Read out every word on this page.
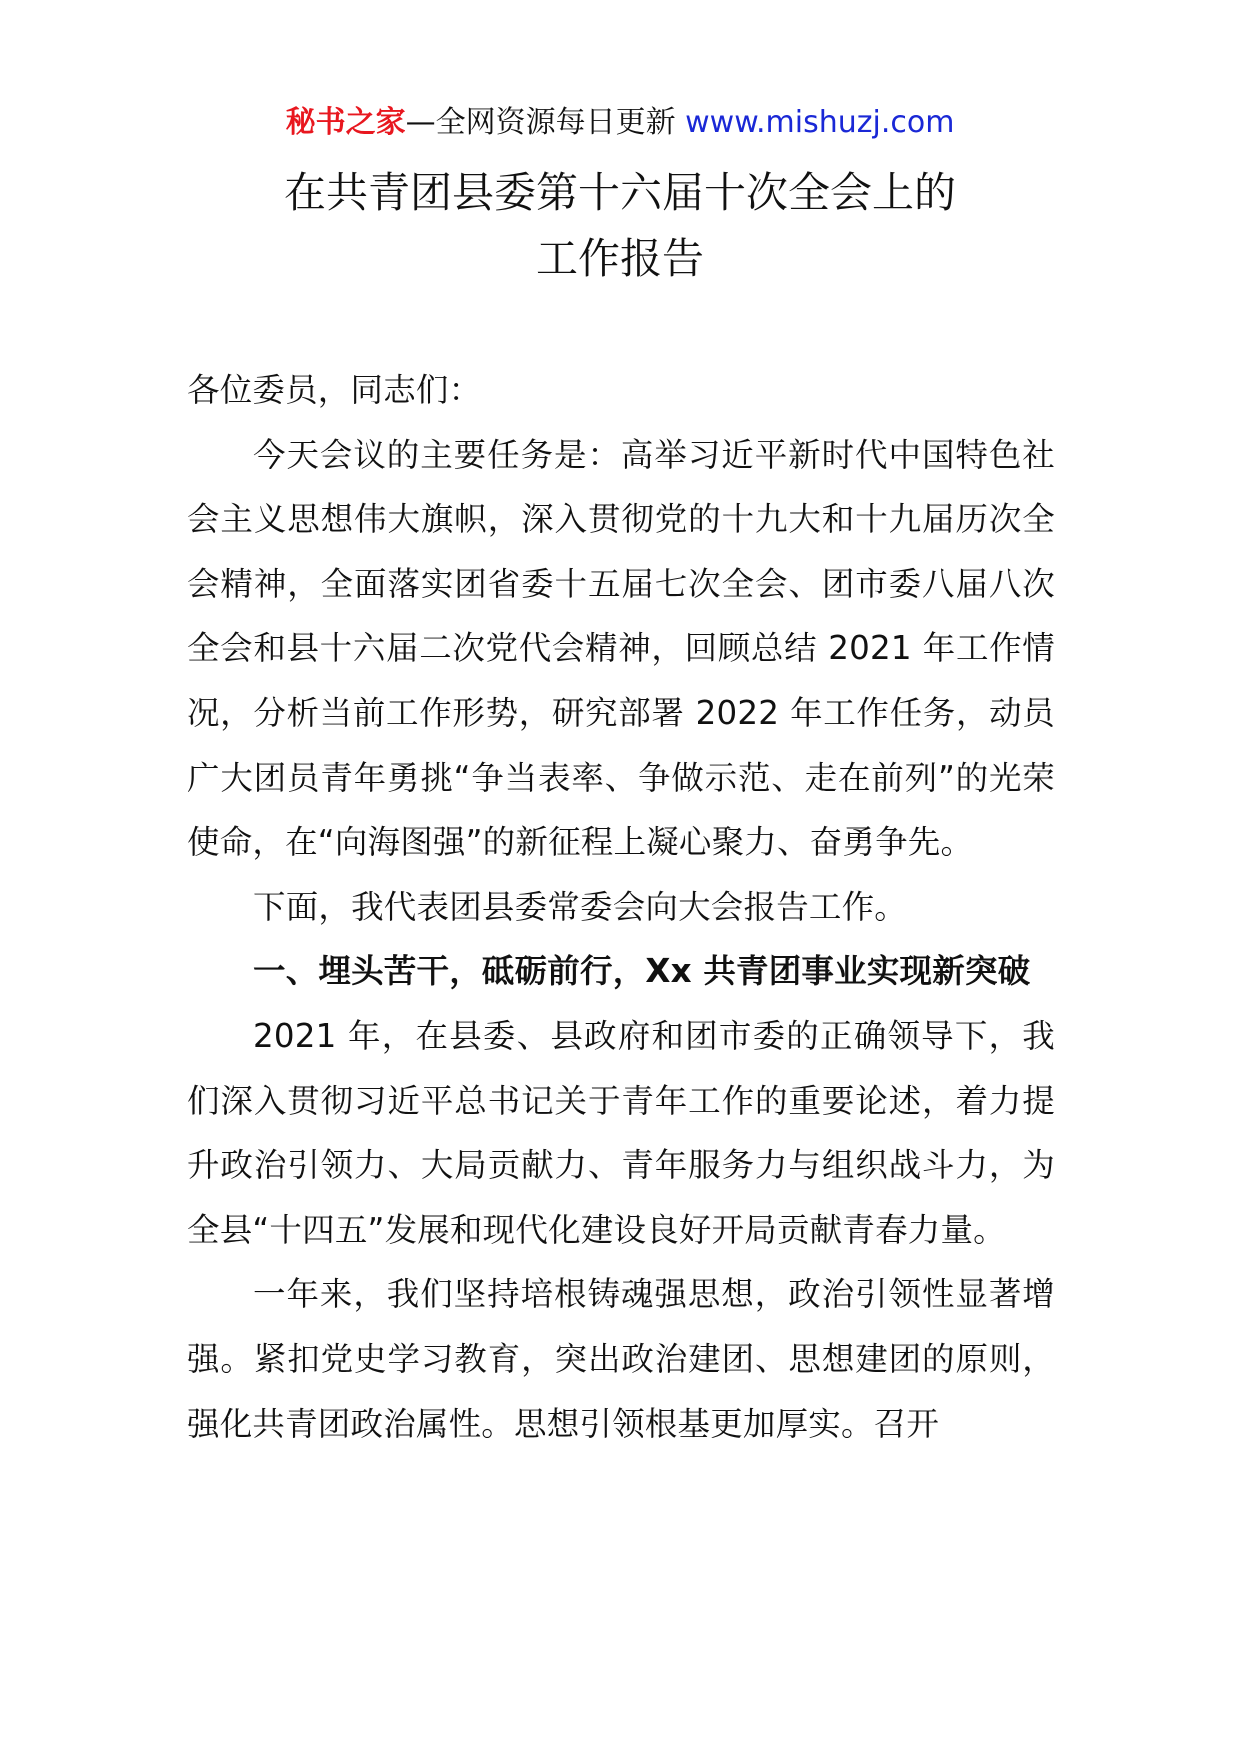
秘书之家—全网资源每日更新 www.mishuzj.com
在共青团县委第十六届十次全会上的
工作报告

各位委员，同志们：

今天会议的主要任务是：高举习近平新时代中国特色社会主义思想伟大旗帜，深入贯彻党的十九大和十九届历次全会精神，全面落实团省委十五届七次全会、团市委八届八次全会和县十六届二次党代会精神，回顾总结 2021 年工作情况，分析当前工作形势，研究部署 2022 年工作任务，动员广大团员青年勇挑“争当表率、争做示范、走在前列”的光荣使命，在“向海图强”的新征程上凝心聚力、奋勇争先。

下面，我代表团县委常委会向大会报告工作。

一、埋头苦干，砥砺前行，Xx 共青团事业实现新突破

2021 年，在县委、县政府和团市委的正确领导下，我们深入贯彻习近平总书记关于青年工作的重要论述，着力提升政治引领力、大局贡献力、青年服务力与组织战斗力，为全县“十四五”发展和现代化建设良好开局贡献青春力量。

一年来，我们坚持培根铸魂强思想，政治引领性显著增强。紧扣党史学习教育，突出政治建团、思想建团的原则，强化共青团政治属性。思想引领根基更加厚实。召开
